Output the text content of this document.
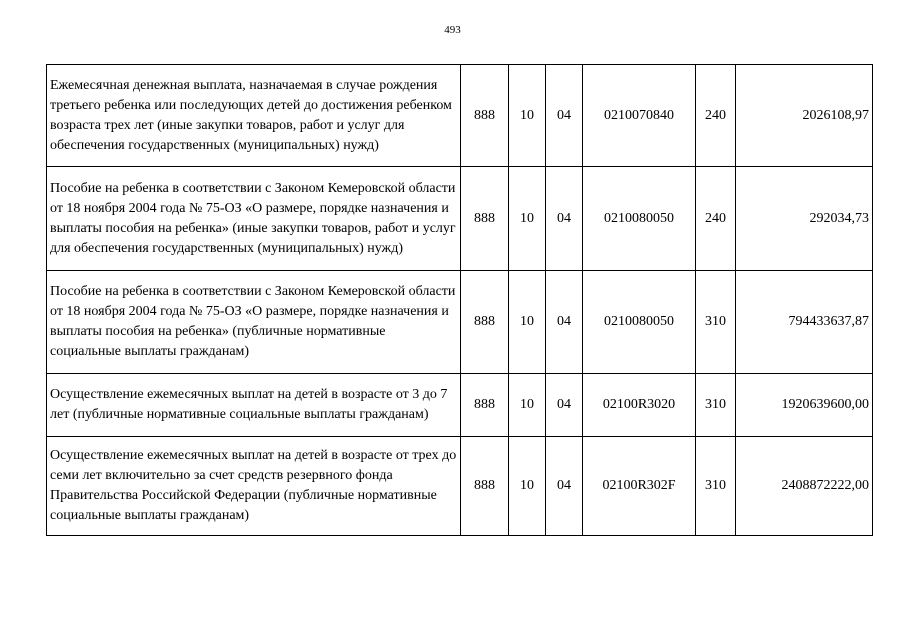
493
Ежемесячная денежная выплата, назначаемая в случае рождения третьего ребенка или последующих детей до достижения ребенком возраста трех лет (иные закупки товаров, работ и услуг для обеспечения государственных (муниципальных) нужд)	888	10	04	0210070840	240	2026108,97
Пособие на ребенка в соответствии с Законом Кемеровской области от 18 ноября 2004 года № 75-ОЗ «О размере, порядке назначения и выплаты пособия на ребенка» (иные закупки товаров, работ и услуг для обеспечения государственных (муниципальных) нужд)	888	10	04	0210080050	240	292034,73
Пособие на ребенка в соответствии с Законом Кемеровской области от 18 ноября 2004 года № 75-ОЗ «О размере, порядке назначения и выплаты пособия на ребенка» (публичные нормативные социальные выплаты гражданам)	888	10	04	0210080050	310	794433637,87
Осуществление ежемесячных выплат на детей в возрасте от 3 до 7 лет (публичные нормативные социальные выплаты гражданам)	888	10	04	02100R3020	310	1920639600,00
Осуществление ежемесячных выплат на детей в возрасте от трех до семи лет включительно за счет средств резервного фонда Правительства Российской Федерации (публичные нормативные социальные выплаты гражданам)	888	10	04	02100R302F	310	2408872222,00
